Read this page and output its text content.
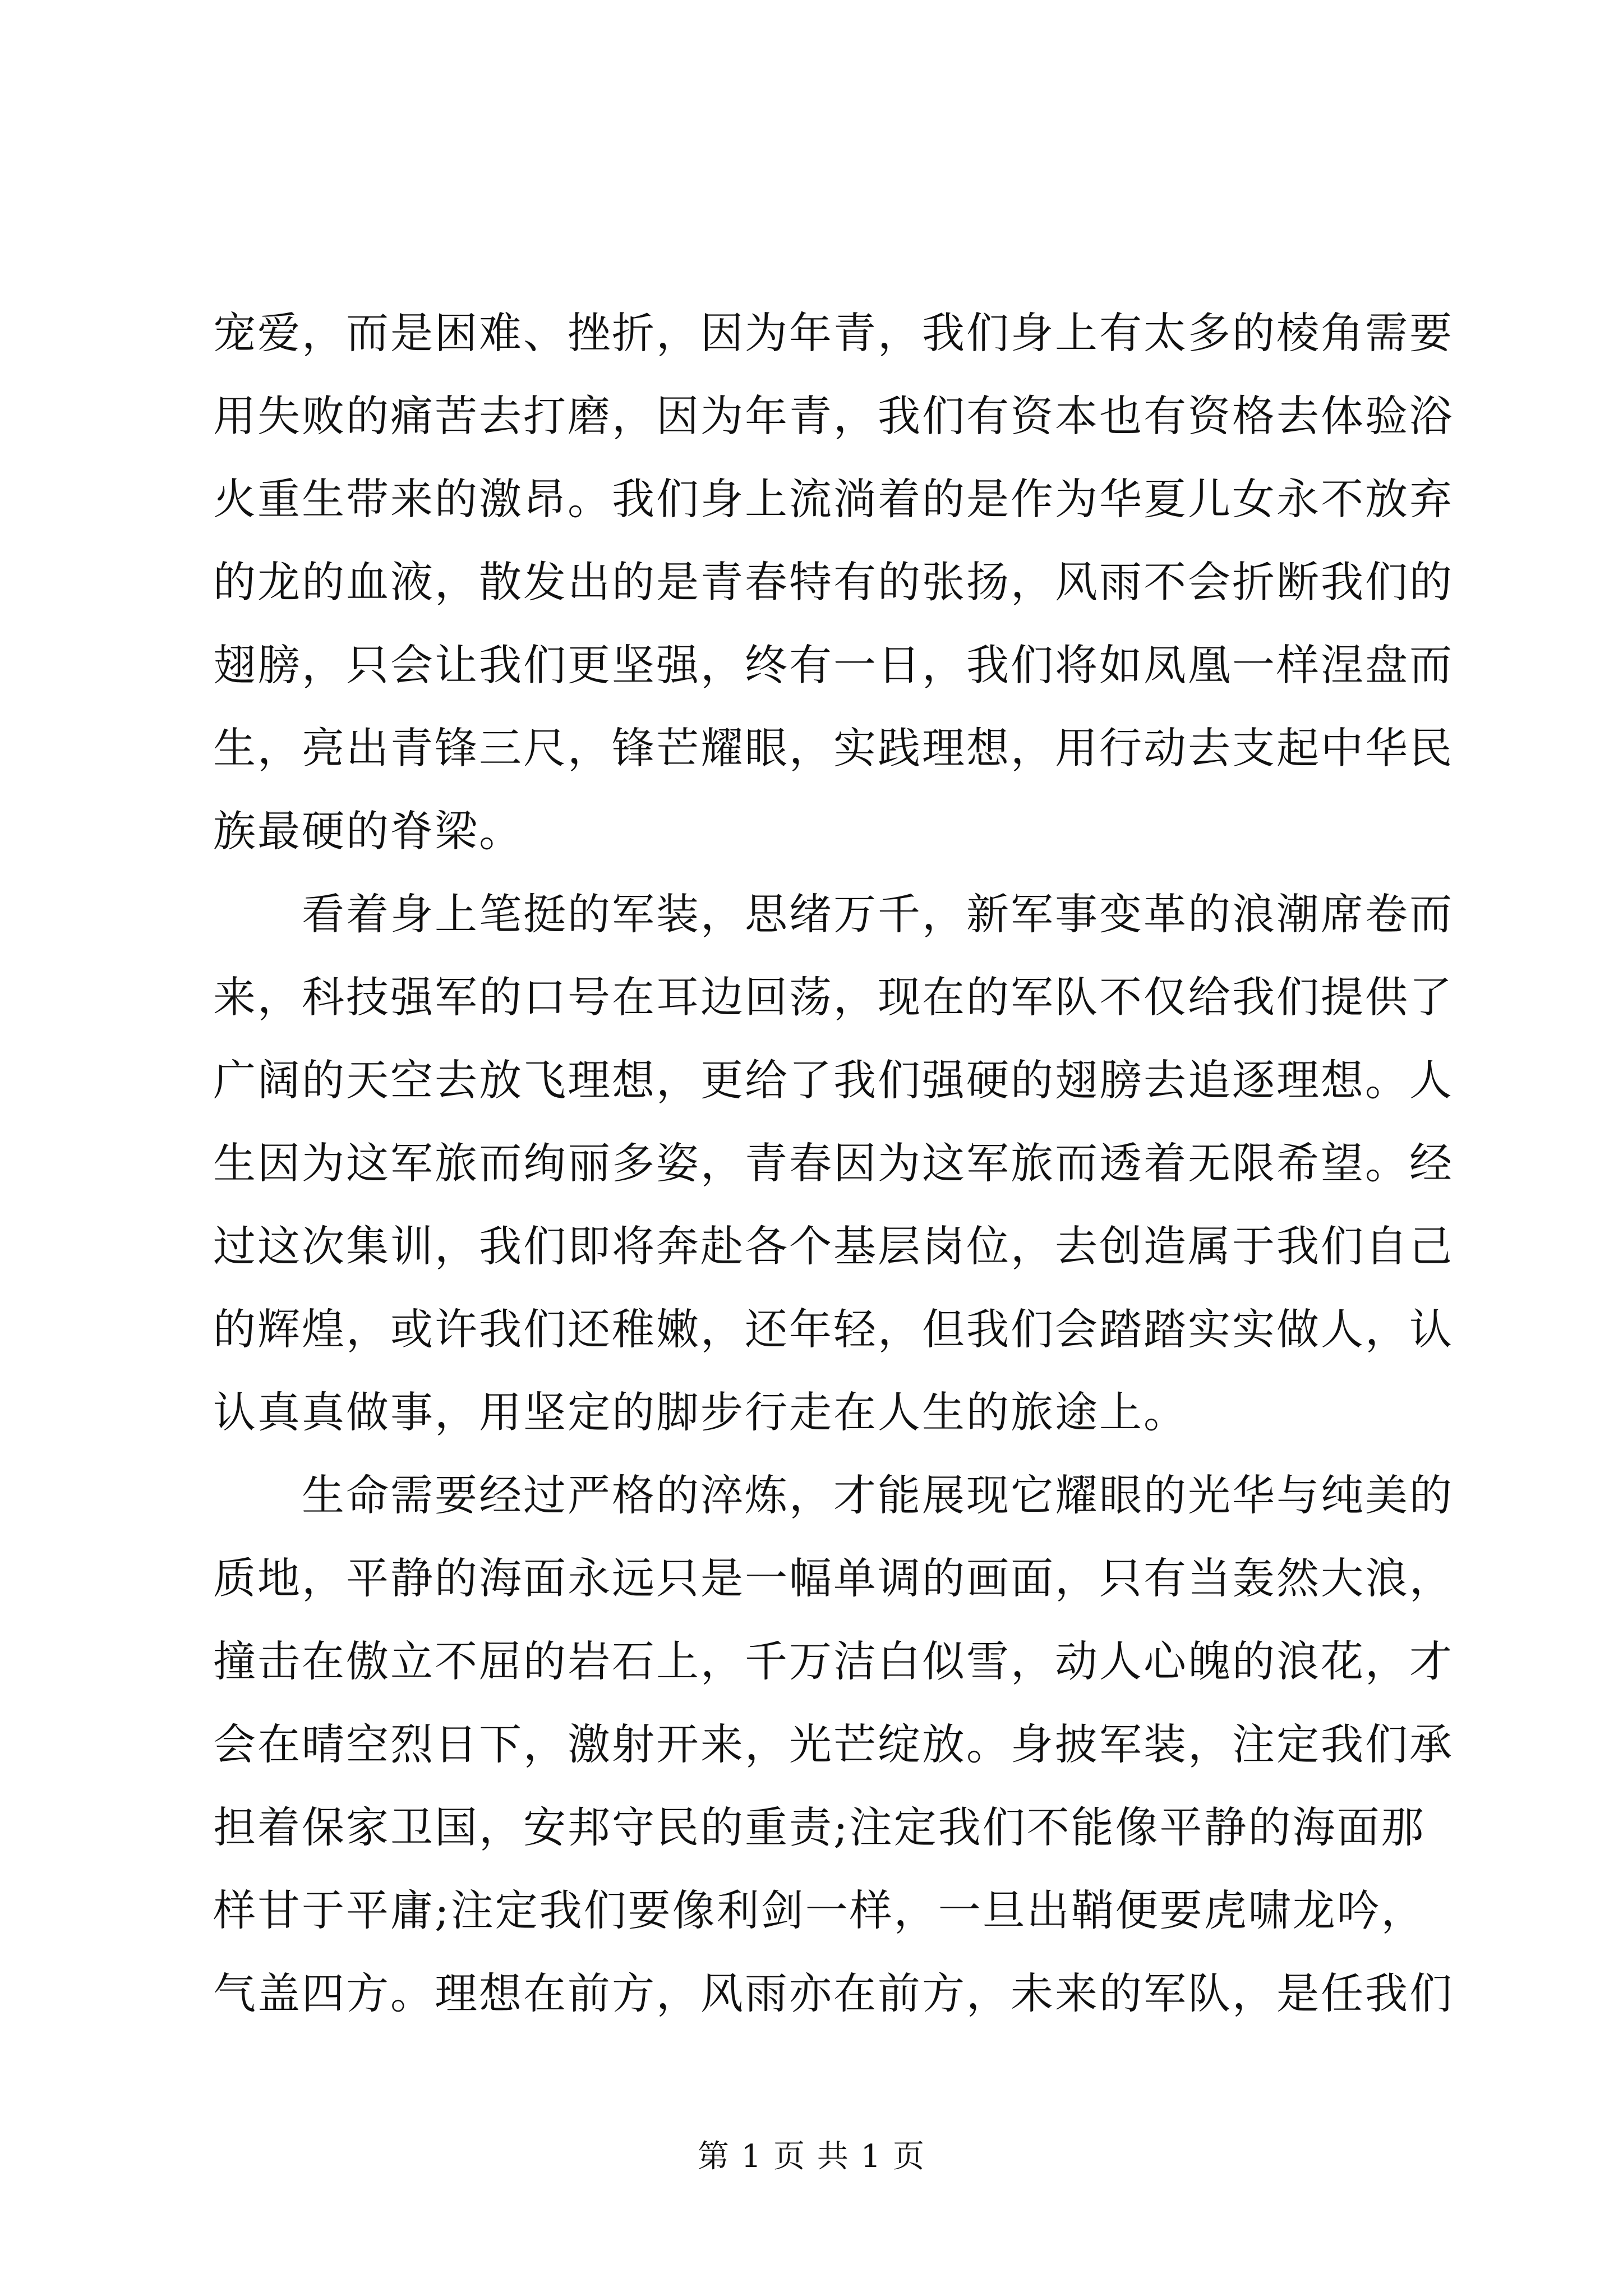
宠爱，而是困难、挫折，因为年青，我们身上有太多的棱角需要
用失败的痛苦去打磨，因为年青，我们有资本也有资格去体验浴
火重生带来的激昂。我们身上流淌着的是作为华夏儿女永不放弃
的龙的血液，散发出的是青春特有的张扬，风雨不会折断我们的
翅膀，只会让我们更坚强，终有一日，我们将如凤凰一样涅盘而
生，亮出青锋三尺，锋芒耀眼，实践理想，用行动去支起中华民
族最硬的脊梁。
看着身上笔挺的军装，思绪万千，新军事变革的浪潮席卷而
来，科技强军的口号在耳边回荡，现在的军队不仅给我们提供了
广阔的天空去放飞理想，更给了我们强硬的翅膀去追逐理想。人
生因为这军旅而绚丽多姿，青春因为这军旅而透着无限希望。经
过这次集训，我们即将奔赴各个基层岗位，去创造属于我们自己
的辉煌，或许我们还稚嫩，还年轻，但我们会踏踏实实做人，认
认真真做事，用坚定的脚步行走在人生的旅途上。
生命需要经过严格的淬炼，才能展现它耀眼的光华与纯美的
质地，平静的海面永远只是一幅单调的画面，只有当轰然大浪，
撞击在傲立不屈的岩石上，千万洁白似雪，动人心魄的浪花，才
会在晴空烈日下，激射开来，光芒绽放。身披军装，注定我们承
担着保家卫国，安邦守民的重责;注定我们不能像平静的海面那
样甘于平庸;注定我们要像利剑一样，一旦出鞘便要虎啸龙吟，
气盖四方。理想在前方，风雨亦在前方，未来的军队，是任我们
第 1 页 共 1 页
